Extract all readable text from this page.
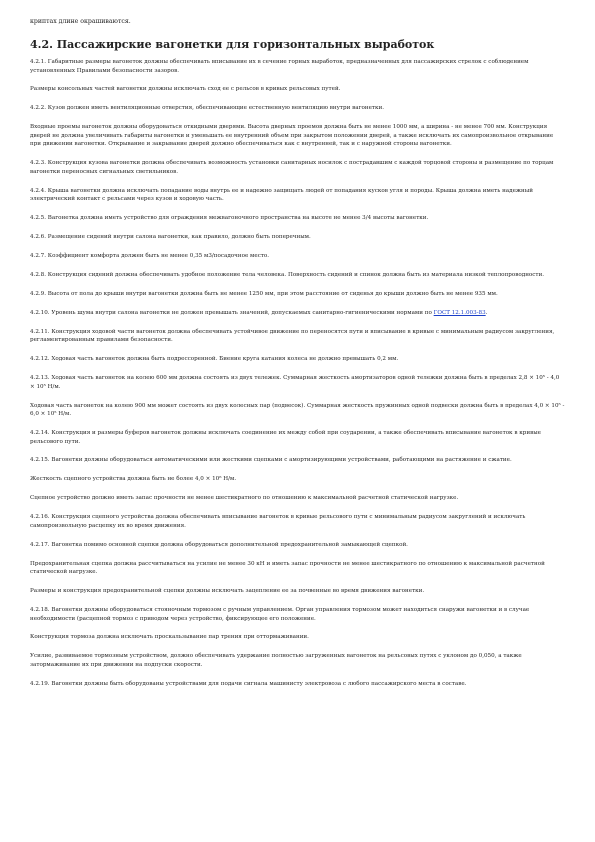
криптах длине окрашиваются.
4.2. Пассажирские вагонетки для горизонтальных выработок

4.2.1. Габаритные размеры вагонеток должны обеспечивать вписывание их в сечение горных выработок, предназначенных для пассажирских стрелок с соблюдением установленных Правилами безопасности зазоров.

Размеры консольных частей вагонетки должны исключать сход ее с рельсов в кривых рельсовых путей.

4.2.2. Кузов должен иметь вентиляционные отверстия, обеспечивающие естественную вентиляцию внутри вагонетки.

Входные проемы вагонеток должны оборудоваться откидными дверями. Высота дверных проемов должна быть не менее 1000 мм, а ширина - не менее 700 мм. Конструкция дверей не должна увеличивать габариты вагонетки и уменьшать ее внутренний объем при закрытом положении дверей, а также исключать их самопроизвольное открывание при движении вагонетки. Открывание и закрывание дверей должно обеспечиваться как с внутренней, так и с наружной стороны вагонетки.

4.2.3. Конструкция кузова вагонетки должна обеспечивать возможность установки санитарных носилок с пострадавшим с каждой торцовой стороны и размещение по торцам вагонетки переносных сигнальных светильников.

4.2.4. Крыша вагонетки должна исключать попадание воды внутрь ее и надежно защищать людей от попадания кусков угля и породы. Крыша должна иметь надежный электрический контакт с рельсами через кузов и ходовую часть.

4.2.5. Вагонетка должна иметь устройство для ограждения межвагоночного пространства на высоте не менее 3/4 высоты вагонетки.

4.2.6. Размещение сидений внутри салона вагонетки, как правило, должно быть поперечным.

4.2.7. Коэффициент комфорта должен быть не менее 0,35 м3/посадочное место.

4.2.8. Конструкция сидений должна обеспечивать удобное положение тела человека. Поверхность сидений и спинок должна быть из материала низкой теплопроводности.

4.2.9. Высота от пола до крыши внутри вагонетки должна быть не менее 1250 мм, при этом расстояние от сиденья до крыши должно быть не менее 935 мм.

4.2.10. Уровень шума внутри салона вагонетки не должен превышать значений, допускаемых санитарно-гигиеническими нормами по ГОСТ 12.1.003-83.

4.2.11. Конструкция ходовой части вагонеток должна обеспечивать устойчивое движение по переносятся пути и вписывание в кривые с минимальным радиусом закругления, регламентированным правилами безопасности.

4.2.12. Ходовая часть вагонеток должна быть подрессоренной. Биение круга катания колеса не должно превышать 0,2 мм.

4.2.13. Ходовая часть вагонеток на колею 600 мм должна состоять из двух тележек. Суммарная жесткость амортизаторов одной тележки должна быть в пределах 2,8 × 10⁵ - 4,0 × 10⁵ Н/м.

Ходовая часть вагонеток на колею 900 мм может состоять из двух колесных пар (подвесок). Суммарная жесткость пружинных одной подвески должна быть в пределах 4,0 × 10⁵ - 6,0 × 10⁵ Н/м.

4.2.14. Конструкция и размеры буферов вагонеток должны исключать соединение их между собой при соударении, а также обеспечивать вписывание вагонеток в кривые рельсового пути.

4.2.15. Вагонетки должны оборудоваться автоматическими или жесткими сцепками с амортизирующими устройствами, работающими на растяжение и сжатие.

Жесткость сцепного устройства должна быть не более 4,0 × 10⁶ Н/м.

Сцепное устройство должно иметь запас прочности не менее шестикратного по отношению к максимальной расчетной статической нагрузке.

4.2.16. Конструкция сцепного устройства должна обеспечивать вписывание вагонеток в кривые рельсового пути с минимальным радиусом закруглений и исключать самопроизвольную расцепку их во время движения.

4.2.17. Вагонетка помимо основной сцепки должна оборудоваться дополнительной предохранительной замыкающей сцепкой.

Предохранительная сцепка должна рассчитываться на усилие не менее 30 кН и иметь запас прочности не менее шестикратного по отношению к максимальной расчетной статической нагрузке.

Размеры и конструкция предохранительной сцепки должны исключать зацепление ее за почвенные во время движения вагонетки.

4.2.18. Вагонетки должны оборудоваться стояночным тормозом с ручным управлением. Орган управления тормозом может находиться снаружи вагонетки и в случае необходимости (расцепной тормоз с приводом через устройство, фиксирующее его положение.

Конструкция тормоза должна исключать проскальзывание пар трения при оттормаживании.

Усилие, развиваемое тормозным устройством, должно обеспечивать удержание полностью загруженных вагонеток на рельсовых путях с уклоном до 0,050, а также затормаживание их при движении на подпуски скорости.

4.2.19. Вагонетки должны быть оборудованы устройствами для подачи сигнала машинисту электровоза с любого пассажирского места в составе.
